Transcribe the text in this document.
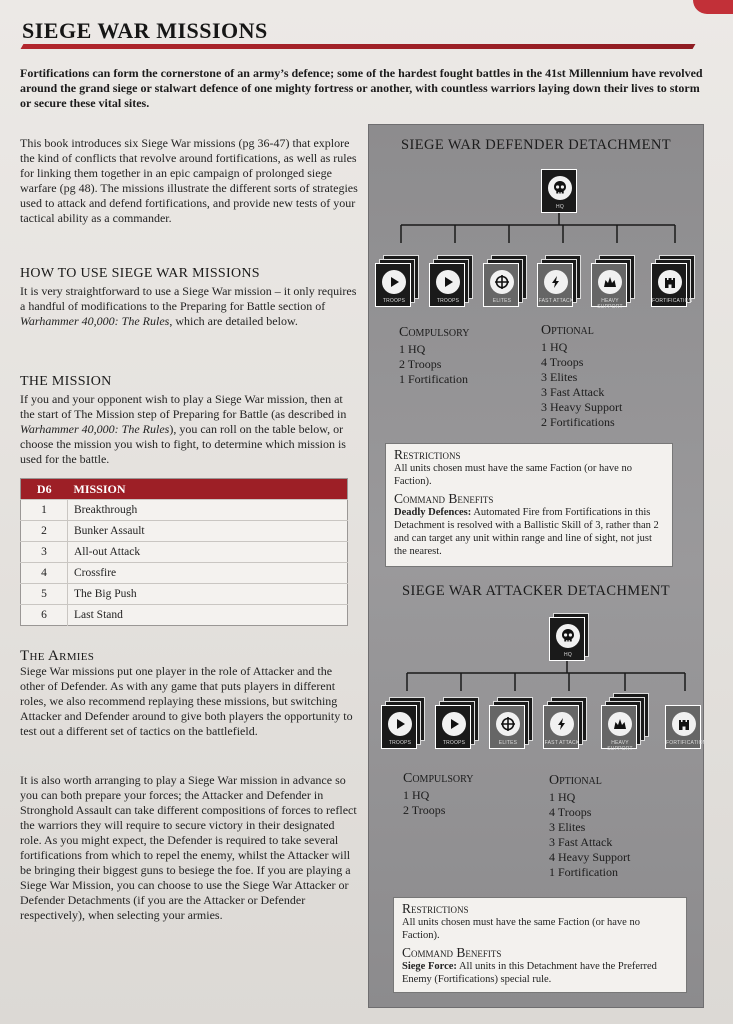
SIEGE WAR MISSIONS
Fortifications can form the cornerstone of an army’s defence; some of the hardest fought battles in the 41st Millennium have revolved around the grand siege or stalwart defence of one mighty fortress or another, with countless warriors laying down their lives to storm or secure these vital sites.
This book introduces six Siege War missions (pg 36-47) that explore the kind of conflicts that revolve around fortifications, as well as rules for linking them together in an epic campaign of prolonged siege warfare (pg 48). The missions illustrate the different sorts of strategies used to attack and defend fortifications, and provide new tests of your tactical ability as a commander.
HOW TO USE SIEGE WAR MISSIONS
It is very straightforward to use a Siege War mission – it only requires a handful of modifications to the Preparing for Battle section of Warhammer 40,000: The Rules, which are detailed below.
THE MISSION
If you and your opponent wish to play a Siege War mission, then at the start of The Mission step of Preparing for Battle (as described in Warhammer 40,000: The Rules), you can roll on the table below, or choose the mission you wish to fight, to determine which mission is used for the battle.
D6	MISSION
1	Breakthrough
2	Bunker Assault
3	All-out Attack
4	Crossfire
5	The Big Push
6	Last Stand
The Armies
Siege War missions put one player in the role of Attacker and the other of Defender. As with any game that puts players in different roles, we also recommend replaying these missions, but switching Attacker and Defender around to give both players the opportunity to test out a different set of tactics on the battlefield.
It is also worth arranging to play a Siege War mission in advance so you can both prepare your forces; the Attacker and Defender in Stronghold Assault can take different compositions of forces to reflect the warriors they will require to secure victory in their designated role. As you might expect, the Defender is required to take several fortifications from which to repel the enemy, whilst the Attacker will be bringing their biggest guns to besiege the foe. If you are playing a Siege War Mission, you can choose to use the Siege War Attacker or Defender Detachments (if you are the Attacker or Defender respectively), when selecting your armies.
SIEGE WAR DEFENDER DETACHMENT
HQ
TROOPS	TROOPS	ELITES	FAST ATTACK	HEAVY SUPPORT
FORTIFICATION
Compulsory
1 HQ
2 Troops
1 Fortification
Optional
1 HQ
4 Troops
3 Elites
3 Fast Attack
3 Heavy Support
2 Fortifications
Restrictions
All units chosen must have the same Faction (or have no Faction).
Command Benefits
Deadly Defences: Automated Fire from Fortifications in this Detachment is resolved with a Ballistic Skill of 3, rather than 2 and can target any unit within range and line of sight, not just the nearest.
SIEGE WAR ATTACKER DETACHMENT
HQ
TROOPS	TROOPS	ELITES	FAST ATTACK	HEAVY SUPPORT
FORTIFICATION
Compulsory
1 HQ
2 Troops
Optional
1 HQ
4 Troops
3 Elites
3 Fast Attack
4 Heavy Support
1 Fortification
Restrictions
All units chosen must have the same Faction (or have no Faction).
Command Benefits
Siege Force: All units in this Detachment have the Preferred Enemy (Fortifications) special rule.
